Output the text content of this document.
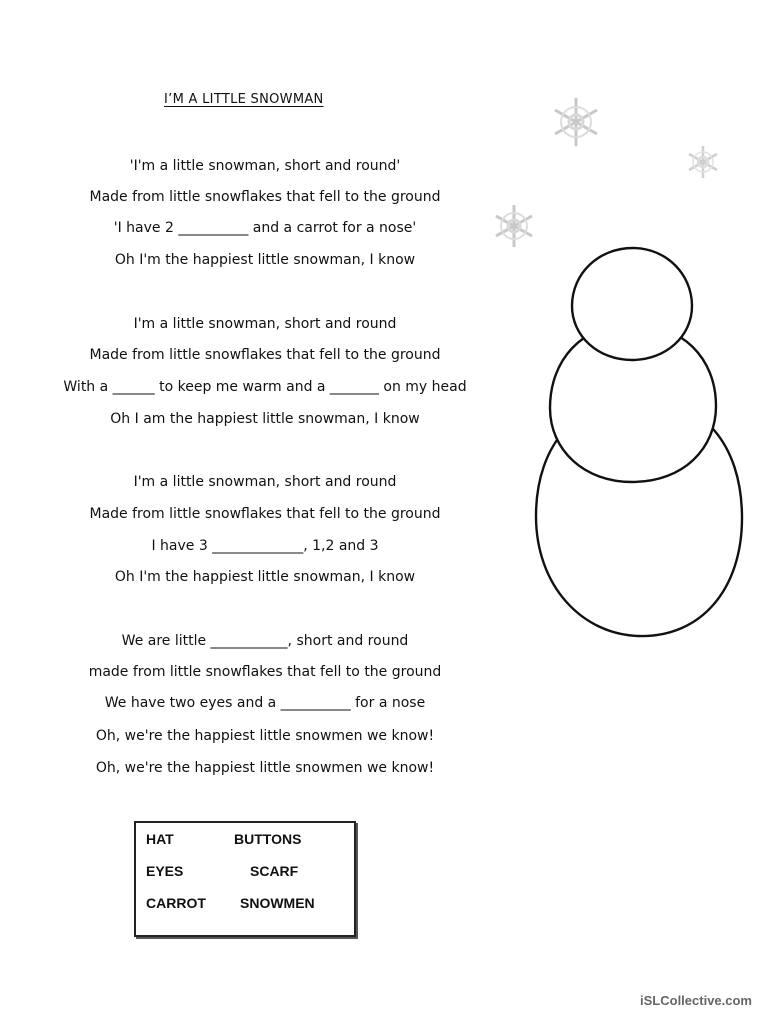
I’M A LITTLE SNOWMAN
'I'm a little snowman, short and round'
Made from little snowflakes that fell to the ground
'I have 2 __________ and a carrot for a nose'
Oh I'm the happiest little snowman, I know
I'm a little snowman, short and round
Made from little snowflakes that fell to the ground
With a ______ to keep me warm and a _______ on my head
Oh I am the happiest little snowman, I know
I'm a little snowman, short and round
Made from little snowflakes that fell to the ground
I have 3 _____________, 1,2 and 3
Oh I'm the happiest little snowman, I know
We are little ___________, short and round
made from little snowflakes that fell to the ground
We have two eyes and a __________ for a nose
Oh, we're the happiest little snowmen we know!
Oh, we're the happiest little snowmen we know!
HAT
EYES
CARROT
BUTTONS
SCARF
SNOWMEN
iSLCollective.com
